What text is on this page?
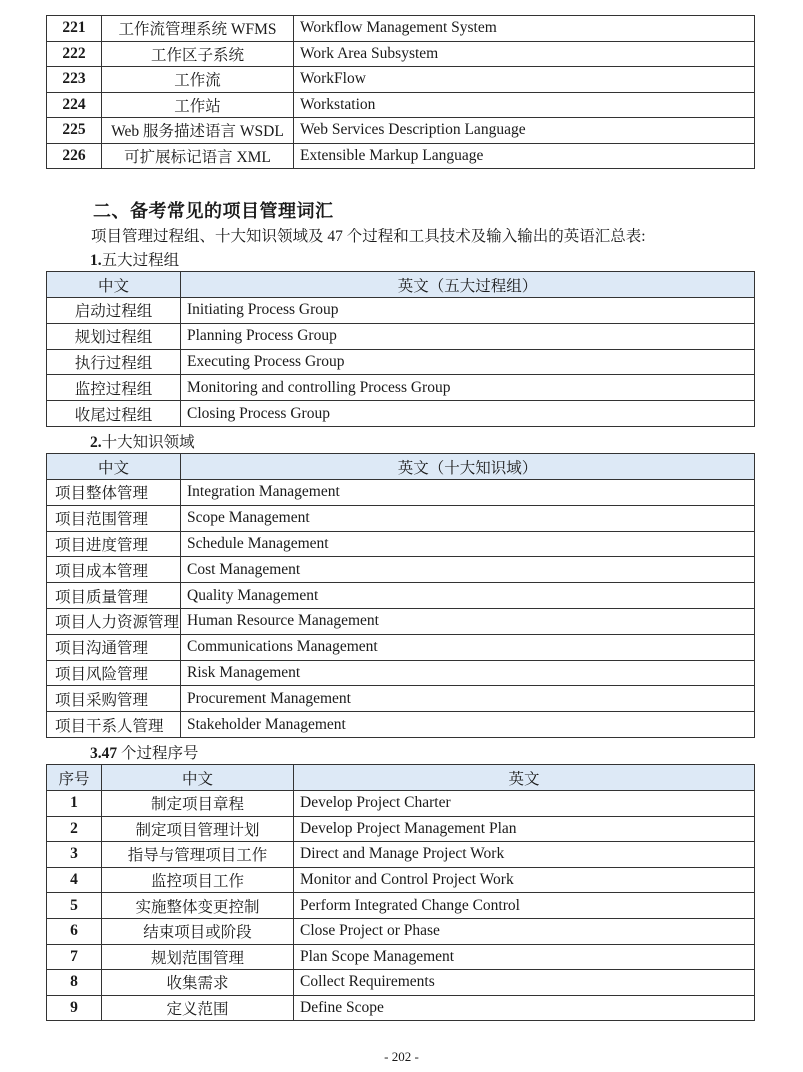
221	工作流管理系统 WFMS	Workflow Management System
222	工作区子系统	Work Area Subsystem
223	工作流	WorkFlow
224	工作站	Workstation
225	Web 服务描述语言 WSDL	Web Services Description Language
226	可扩展标记语言 XML	Extensible Markup Language
二、备考常见的项目管理词汇
项目管理过程组、十大知识领域及 47 个过程和工具技术及输入输出的英语汇总表:
1.五大过程组
中文	英文（五大过程组）
启动过程组	Initiating Process Group
规划过程组	Planning Process Group
执行过程组	Executing Process Group
监控过程组	Monitoring and controlling Process Group
收尾过程组	Closing Process Group
2.十大知识领域
中文	英文（十大知识域）
项目整体管理	Integration Management
项目范围管理	Scope Management
项目进度管理	Schedule Management
项目成本管理	Cost Management
项目质量管理	Quality Management
项目人力资源管理	Human Resource Management
项目沟通管理	Communications Management
项目风险管理	Risk Management
项目采购管理	Procurement Management
项目干系人管理	Stakeholder Management
3.47 个过程序号
序号	中文	英文
1	制定项目章程	Develop Project Charter
2	制定项目管理计划	Develop Project Management Plan
3	指导与管理项目工作	Direct and Manage Project Work
4	监控项目工作	Monitor and Control Project Work
5	实施整体变更控制	Perform Integrated Change Control
6	结束项目或阶段	Close Project or Phase
7	规划范围管理	Plan Scope Management
8	收集需求	Collect Requirements
9	定义范围	Define Scope
- 202 -
